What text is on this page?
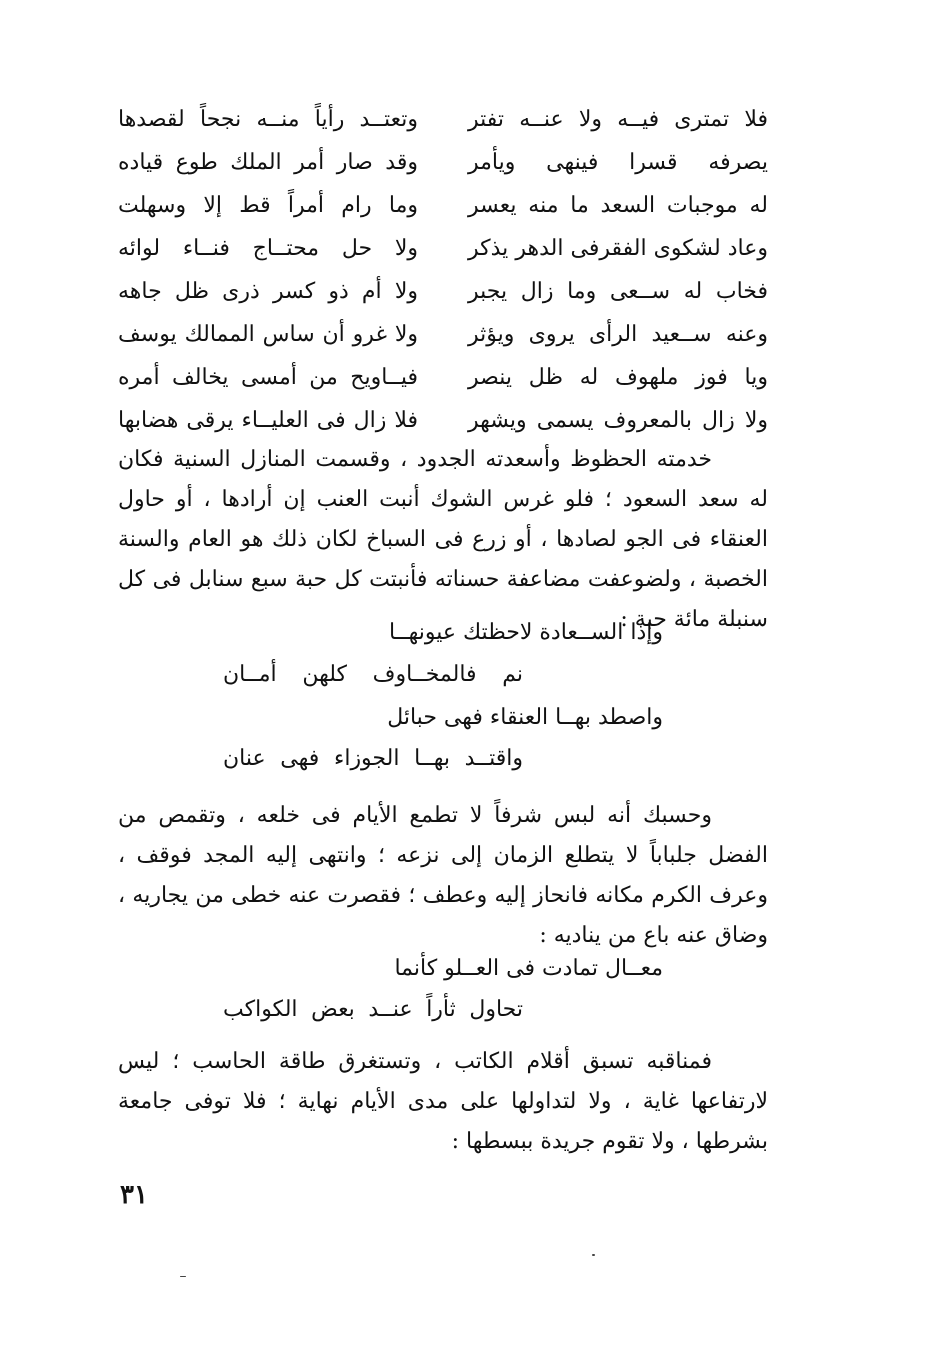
وتعتــد رأياً منــه نجحاً لقصدها فلا تمترى فيــه ولا عنــه تفتر
وقد صار أمر الملك طوع قياده يصرفه قسرا فينهى ويأمر
وما رام أمراً قط إلا وسهلت له موجبات السعد ما منه يعسر
ولا حل محتــاج فنــاء لوائه وعاد لشكوى الفقرفى الدهر يذكر
ولا أم ذو كسر ذرى ظل جاهه فخاب له ســعى وما زال يجبر
ولا غرو أن ساس الممالك يوسف وعنه ســعيد الرأى يروى ويؤثر
فيــاويح من أمسى يخالف أمره ويا فوز ملهوف له ظل ينصر
فلا زال فى العليــاء يرقى هضابها ولا زال بالمعروف يسمى ويشهر

خدمته الحظوظ وأسعدته الجدود ، وقسمت المنازل السنية فكان له سعد السعود ؛ فلو غرس الشوك أنبت العنب إن أرادها ، أو حاول العنقاء فى الجو لصادها ، أو زرع فى السباخ لكان ذلك هو العام والسنة الخصبة ، ولضوعفت مضاعفة حسناته فأنبتت كل حبة سبع سنابل فى كل سنبلة مائة حبة :

وإذا الســعادة لاحظتك عيونهــا
نم فالمخــاوف كلهن أمــان
واصطد بهــا العنقاء فهى حبائل
واقتــد بهــا الجوزاء فهى عنان

وحسبك أنه لبس شرفاً لا تطمع الأيام فى خلعه ، وتقمص من الفضل جلباباً لا يتطلع الزمان إلى نزعه ؛ وانتهى إليه المجد فوقف ، وعرف الكرم مكانه فانحاز إليه وعطف ؛ فقصرت عنه خطى من يجاريه ، وضاق عنه باع من يناديه :

معــال تمادت فى العــلو كأنما
تحاول ثأراً عنــد بعض الكواكب

فمناقبه تسبق أقلام الكاتب ، وتستغرق طاقة الحاسب ؛ ليس لارتفاعها غاية ، ولا لتداولها على مدى الأيام نهاية ؛ فلا توفى جامعة بشرطها ، ولا تقوم جريدة ببسطها :

٣١
